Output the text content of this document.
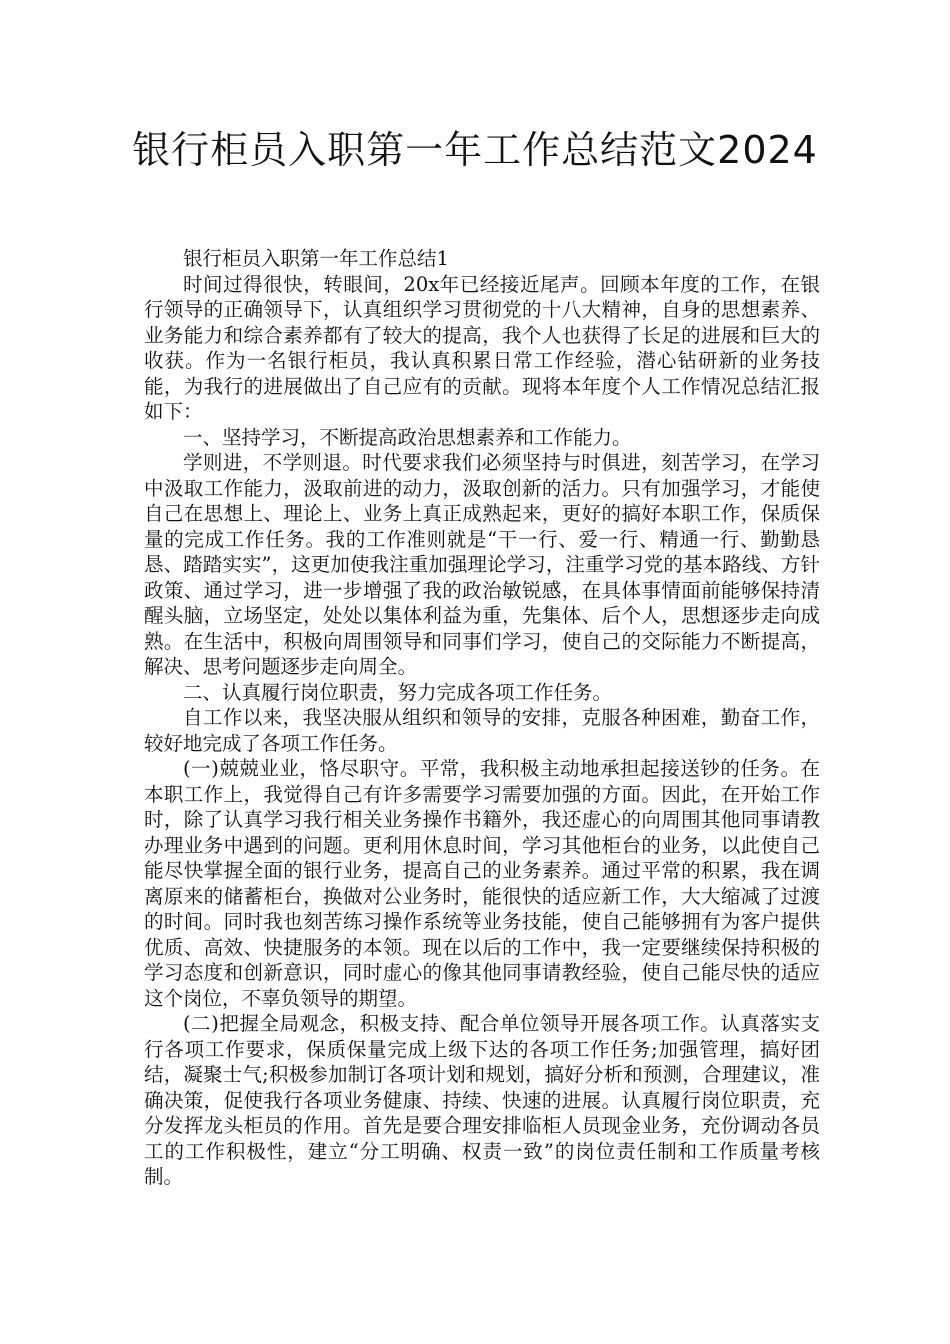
银行柜员入职第一年工作总结范文2024

银行柜员入职第一年工作总结1

时间过得很快，转眼间，20x年已经接近尾声。回顾本年度的工作，在银行领导的正确领导下，认真组织学习贯彻党的十八大精神，自身的思想素养、业务能力和综合素养都有了较大的提高，我个人也获得了长足的进展和巨大的收获。作为一名银行柜员，我认真积累日常工作经验，潜心钻研新的业务技能，为我行的进展做出了自己应有的贡献。现将本年度个人工作情况总结汇报如下：

一、坚持学习，不断提高政治思想素养和工作能力。

学则进，不学则退。时代要求我们必须坚持与时俱进，刻苦学习，在学习中汲取工作能力，汲取前进的动力，汲取创新的活力。只有加强学习，才能使自己在思想上、理论上、业务上真正成熟起来，更好的搞好本职工作，保质保量的完成工作任务。我的工作准则就是“干一行、爱一行、精通一行、勤勤恳恳、踏踏实实”，这更加使我注重加强理论学习，注重学习党的基本路线、方针政策、通过学习，进一步增强了我的政治敏锐感，在具体事情面前能够保持清醒头脑，立场坚定，处处以集体利益为重，先集体、后个人，思想逐步走向成熟。在生活中，积极向周围领导和同事们学习，使自己的交际能力不断提高，解决、思考问题逐步走向周全。

二、认真履行岗位职责，努力完成各项工作任务。

自工作以来，我坚决服从组织和领导的安排，克服各种困难，勤奋工作，较好地完成了各项工作任务。

(一)兢兢业业，恪尽职守。平常，我积极主动地承担起接送钞的任务。在本职工作上，我觉得自己有许多需要学习需要加强的方面。因此，在开始工作时，除了认真学习我行相关业务操作书籍外，我还虚心的向周围其他同事请教办理业务中遇到的问题。更利用休息时间，学习其他柜台的业务，以此使自己能尽快掌握全面的银行业务，提高自己的业务素养。通过平常的积累，我在调离原来的储蓄柜台，换做对公业务时，能很快的适应新工作，大大缩减了过渡的时间。同时我也刻苦练习操作系统等业务技能，使自己能够拥有为客户提供优质、高效、快捷服务的本领。现在以后的工作中，我一定要继续保持积极的学习态度和创新意识，同时虚心的像其他同事请教经验，使自己能尽快的适应这个岗位，不辜负领导的期望。

(二)把握全局观念，积极支持、配合单位领导开展各项工作。认真落实支行各项工作要求，保质保量完成上级下达的各项工作任务;加强管理，搞好团结，凝聚士气;积极参加制订各项计划和规划，搞好分析和预测，合理建议，准确决策，促使我行各项业务健康、持续、快速的进展。认真履行岗位职责，充分发挥龙头柜员的作用。首先是要合理安排临柜人员现金业务，充份调动各员工的工作积极性，建立“分工明确、权责一致”的岗位责任制和工作质量考核制。
